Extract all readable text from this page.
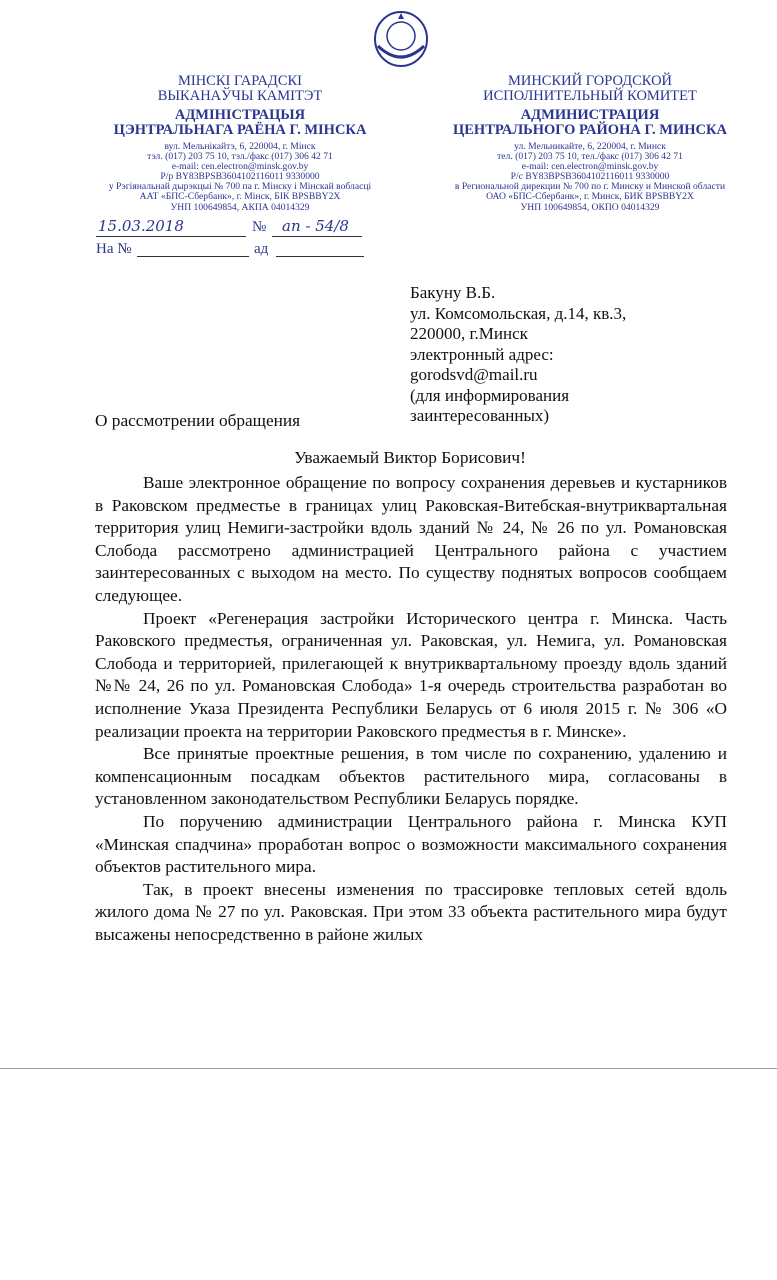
МІНСКІ ГАРАДСКІ
ВЫКАНАЎЧЫ КАМІТЭТ
АДМІНІСТРАЦЫЯ
ЦЭНТРАЛЬНАГА РАЁНА Г. МІНСКА
вул. Мельнікайтэ, 6, 220004, г. Мінск
тэл. (017) 203 75 10, тэл./факс (017) 306 42 71
e-mail: cen.electron@minsk.gov.by
Р/р BY83BPSB3604102116011 9330000
у Рэгіянальнай дырэкцыі № 700 па г. Мінску і Мінскай вобласці
ААТ «БПС-Сбербанк», г. Мінск, БІК BPSBBY2X
УНП 100649854, АКПА 04014329
МИНСКИЙ ГОРОДСКОЙ
ИСПОЛНИТЕЛЬНЫЙ КОМИТЕТ
АДМИНИСТРАЦИЯ
ЦЕНТРАЛЬНОГО РАЙОНА Г. МИНСКА
ул. Мельникайте, 6, 220004, г. Минск
тел. (017) 203 75 10, тел./факс (017) 306 42 71
e-mail: cen.electron@minsk.gov.by
Р/с BY83BPSB3604102116011 9330000
в Региональной дирекции № 700 по г. Минску и Минской области
ОАО «БПС-Сбербанк», г. Минск, БИК BPSBBY2X
УНП 100649854, ОКПО 04014329
15.03.2018	№ an - 54/8
На №	ад
Бакуну В.Б.
ул. Комсомольская, д.14, кв.3,
220000, г.Минск
электронный адрес:
gorodsvd@mail.ru
(для информирования
заинтересованных)
О рассмотрении обращения
Уважаемый Виктор Борисович!

Ваше электронное обращение по вопросу сохранения деревьев и кустарников в Раковском предместье в границах улиц Раковская-Витебская-внутриквартальная территория улиц Немиги-застройки вдоль зданий № 24, № 26 по ул. Романовская Слобода рассмотрено администрацией Центрального района с участием заинтересованных с выходом на место. По существу поднятых вопросов сообщаем следующее.

Проект «Регенерация застройки Исторического центра г. Минска. Часть Раковского предместья, ограниченная ул. Раковская, ул. Немига, ул. Романовская Слобода и территорией, прилегающей к внутриквартальному проезду вдоль зданий №№ 24, 26 по ул. Романовская Слобода» 1-я очередь строительства разработан во исполнение Указа Президента Республики Беларусь от 6 июля 2015 г. № 306 «О реализации проекта на территории Раковского предместья в г. Минске».

Все принятые проектные решения, в том числе по сохранению, удалению и компенсационным посадкам объектов растительного мира, согласованы в установленном законодательством Республики Беларусь порядке.

По поручению администрации Центрального района г. Минска КУП «Минская спадчина» проработан вопрос о возможности максимального сохранения объектов растительного мира.

Так, в проект внесены изменения по трассировке тепловых сетей вдоль жилого дома № 27 по ул. Раковская. При этом 33 объекта растительного мира будут высажены непосредственно в районе жилых
